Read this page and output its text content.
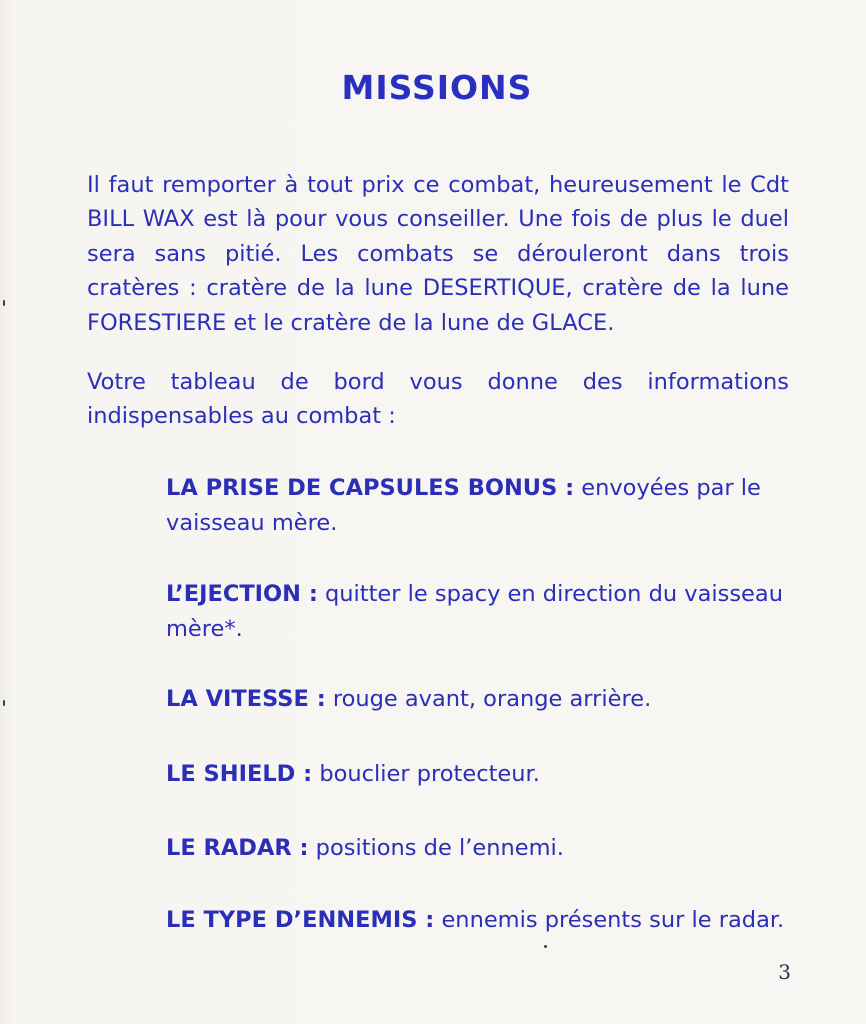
MISSIONS

Il faut remporter à tout prix ce combat, heureusement le Cdt BILL WAX est là pour vous conseiller. Une fois de plus le duel sera sans pitié. Les combats se dérouleront dans trois cratères : cratère de la lune DESERTIQUE, cratère de la lune FORESTIERE et le cratère de la lune de GLACE.

Votre tableau de bord vous donne des informations indispensables au combat :

LA PRISE DE CAPSULES BONUS : envoyées par le vaisseau mère.
L’EJECTION : quitter le spacy en direction du vaisseau mère*.
LA VITESSE : rouge avant, orange arrière.
LE SHIELD : bouclier protecteur.
LE RADAR : positions de l’ennemi.
LE TYPE D’ENNEMIS : ennemis présents sur le radar.
3
